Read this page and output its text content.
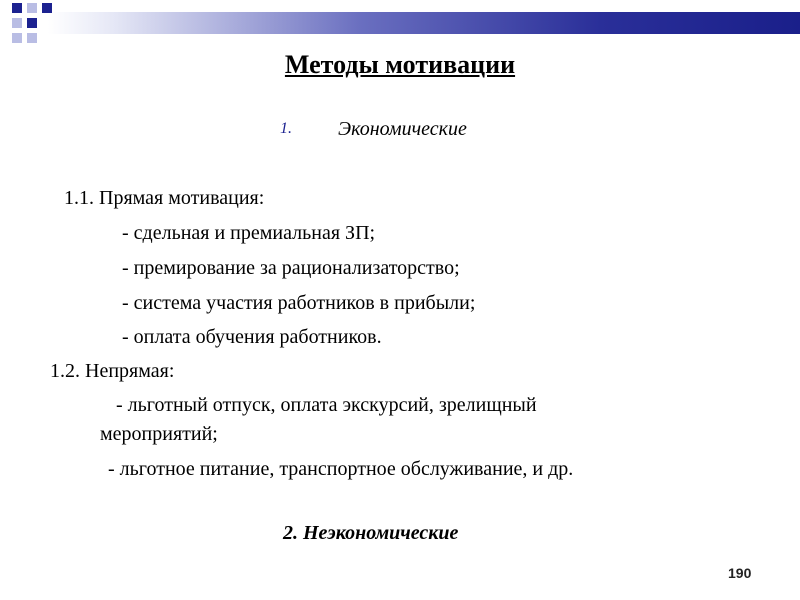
Методы мотивации
1. Экономические
1.1. Прямая мотивация:
- сдельная и премиальная ЗП;
- премирование за рационализаторство;
- система участия работников в прибыли;
- оплата обучения работников.
1.2. Непрямая:
- льготный отпуск, оплата экскурсий, зрелищный
мероприятий;
- льготное питание, транспортное обслуживание, и др.
2. Неэкономические
190
